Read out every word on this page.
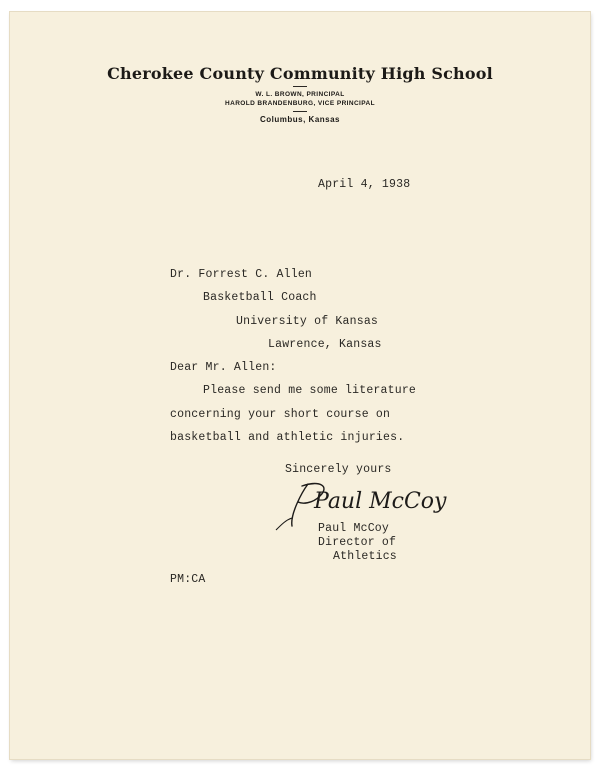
Cherokee County Community High School
W. L. BROWN, PRINCIPAL
HAROLD BRANDENBURG, VICE PRINCIPAL
Columbus, Kansas
April 4, 1938
Dr. Forrest C. Allen
Basketball Coach
University of Kansas
Lawrence, Kansas
Dear Mr. Allen:
Please send me some literature
concerning your short course on
basketball and athletic injuries.
Sincerely yours
Paul McCoy
Paul McCoy
Director of
Athletics
PM:CA
